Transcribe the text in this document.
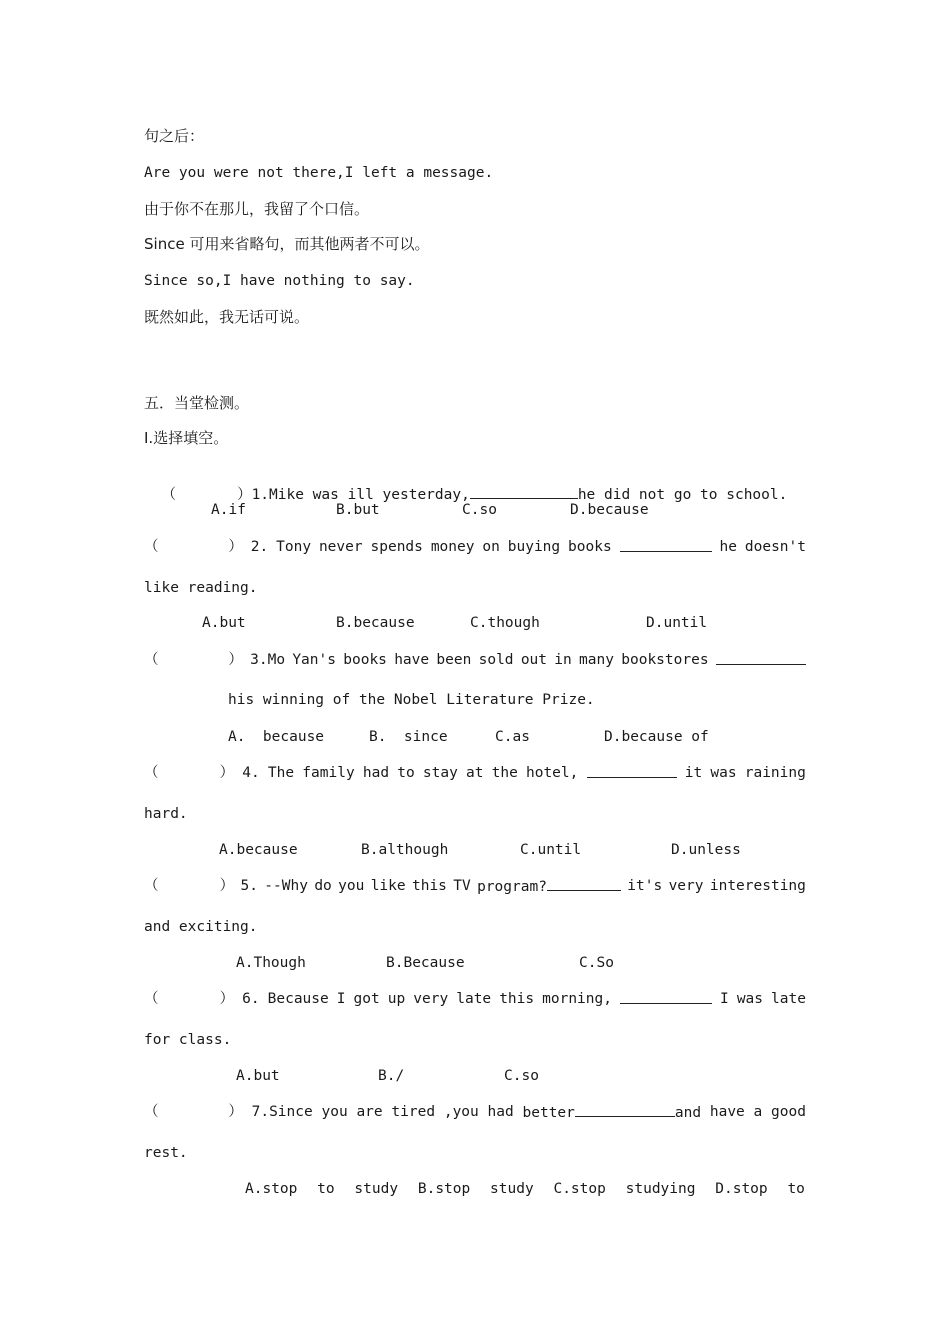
句之后：
Are you were not there,I left a message.
由于你不在那儿，我留了个口信。
Since 可用来省略句，而其他两者不可以。
Since so,I have nothing to say.
既然如此，我无话可说。
五．当堂检测。
I.选择填空。

（       ）1.Mike was ill yesterday,	he did not go to school.

A.if	B.but	C.so	D.because
（        ） 2. Tony never spends money on buying books	he doesn't
like reading.
A.but	B.because	C.though	D.until
（        ） 3.Mo Yan's books have been sold out in many bookstores
his winning of the Nobel Literature Prize.
A.  because	B.  since	C.as	D.because of
（       ） 4. The family had to stay at the hotel,	it was raining
hard.
A.because	B.although	C.until	D.unless
（       ） 5. --Why do you like this TV program?	it's very interesting
and exciting.
A.Though	B.Because	C.So
（       ） 6. Because I got up very late this morning,	I was late
for class.
A.but	B./	C.so
（        ） 7.Since you are tired ,you had better	and have a good
rest.
A.stop to study B.stop study C.stop studying D.stop to
